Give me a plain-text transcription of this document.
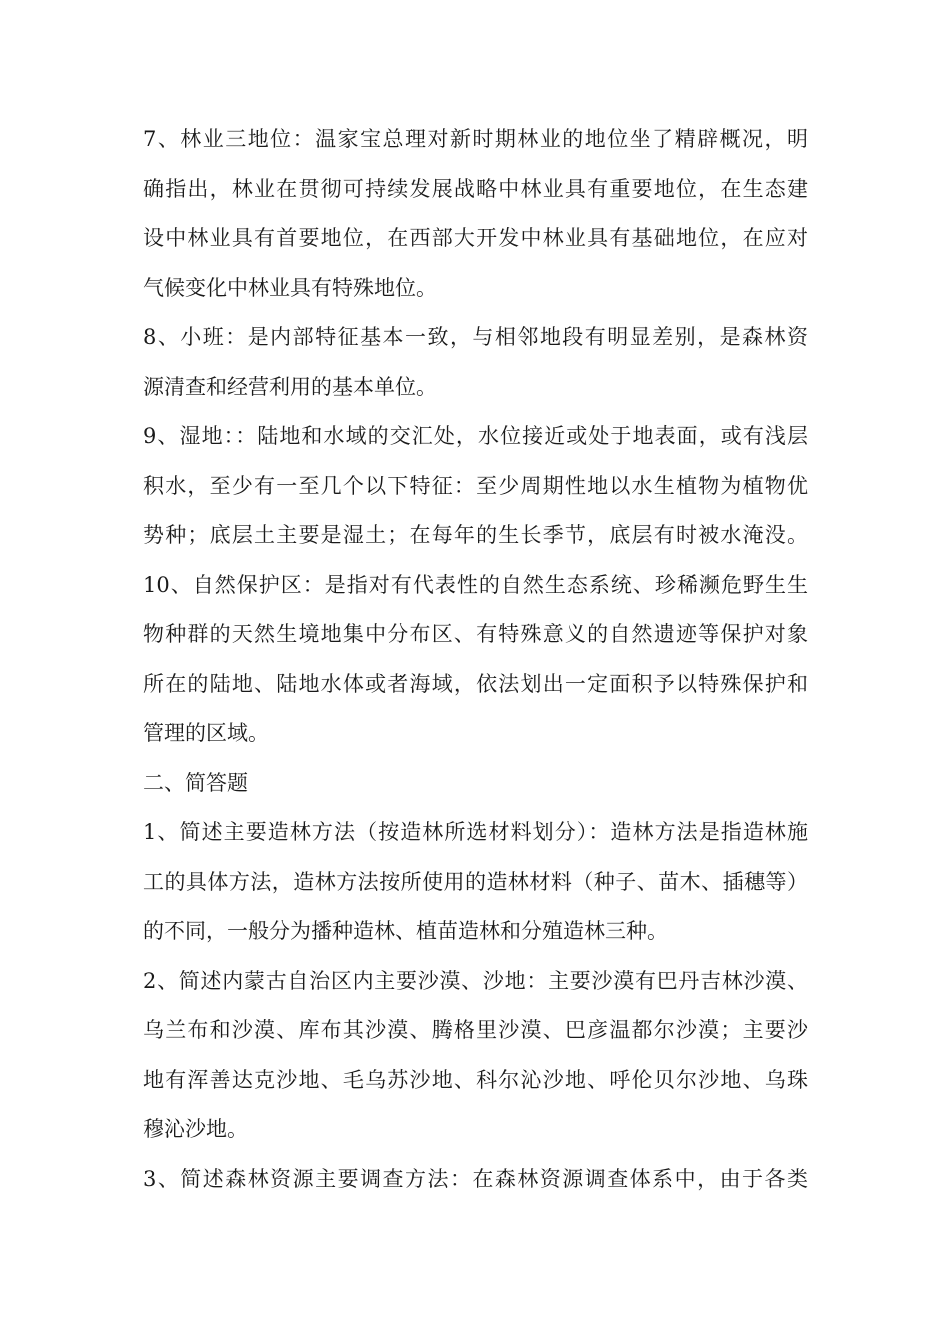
7、林业三地位：温家宝总理对新时期林业的地位坐了精辟概况，明
确指出，林业在贯彻可持续发展战略中林业具有重要地位，在生态建
设中林业具有首要地位，在西部大开发中林业具有基础地位，在应对
气候变化中林业具有特殊地位。
8、小班：是内部特征基本一致，与相邻地段有明显差别，是森林资
源清查和经营利用的基本单位。
9、湿地：：陆地和水域的交汇处，水位接近或处于地表面，或有浅层
积水，至少有一至几个以下特征：至少周期性地以水生植物为植物优
势种；底层土主要是湿土；在每年的生长季节，底层有时被水淹没。
10、自然保护区：是指对有代表性的自然生态系统、珍稀濒危野生生
物种群的天然生境地集中分布区、有特殊意义的自然遗迹等保护对象
所在的陆地、陆地水体或者海域，依法划出一定面积予以特殊保护和
管理的区域。
二、简答题
1、简述主要造林方法（按造林所选材料划分）：造林方法是指造林施
工的具体方法，造林方法按所使用的造林材料（种子、苗木、插穗等）
的不同，一般分为播种造林、植苗造林和分殖造林三种。
2、简述内蒙古自治区内主要沙漠、沙地：主要沙漠有巴丹吉林沙漠、
乌兰布和沙漠、库布其沙漠、腾格里沙漠、巴彦温都尔沙漠；主要沙
地有浑善达克沙地、毛乌苏沙地、科尔沁沙地、呼伦贝尔沙地、乌珠
穆沁沙地。
3、简述森林资源主要调查方法：在森林资源调查体系中，由于各类
